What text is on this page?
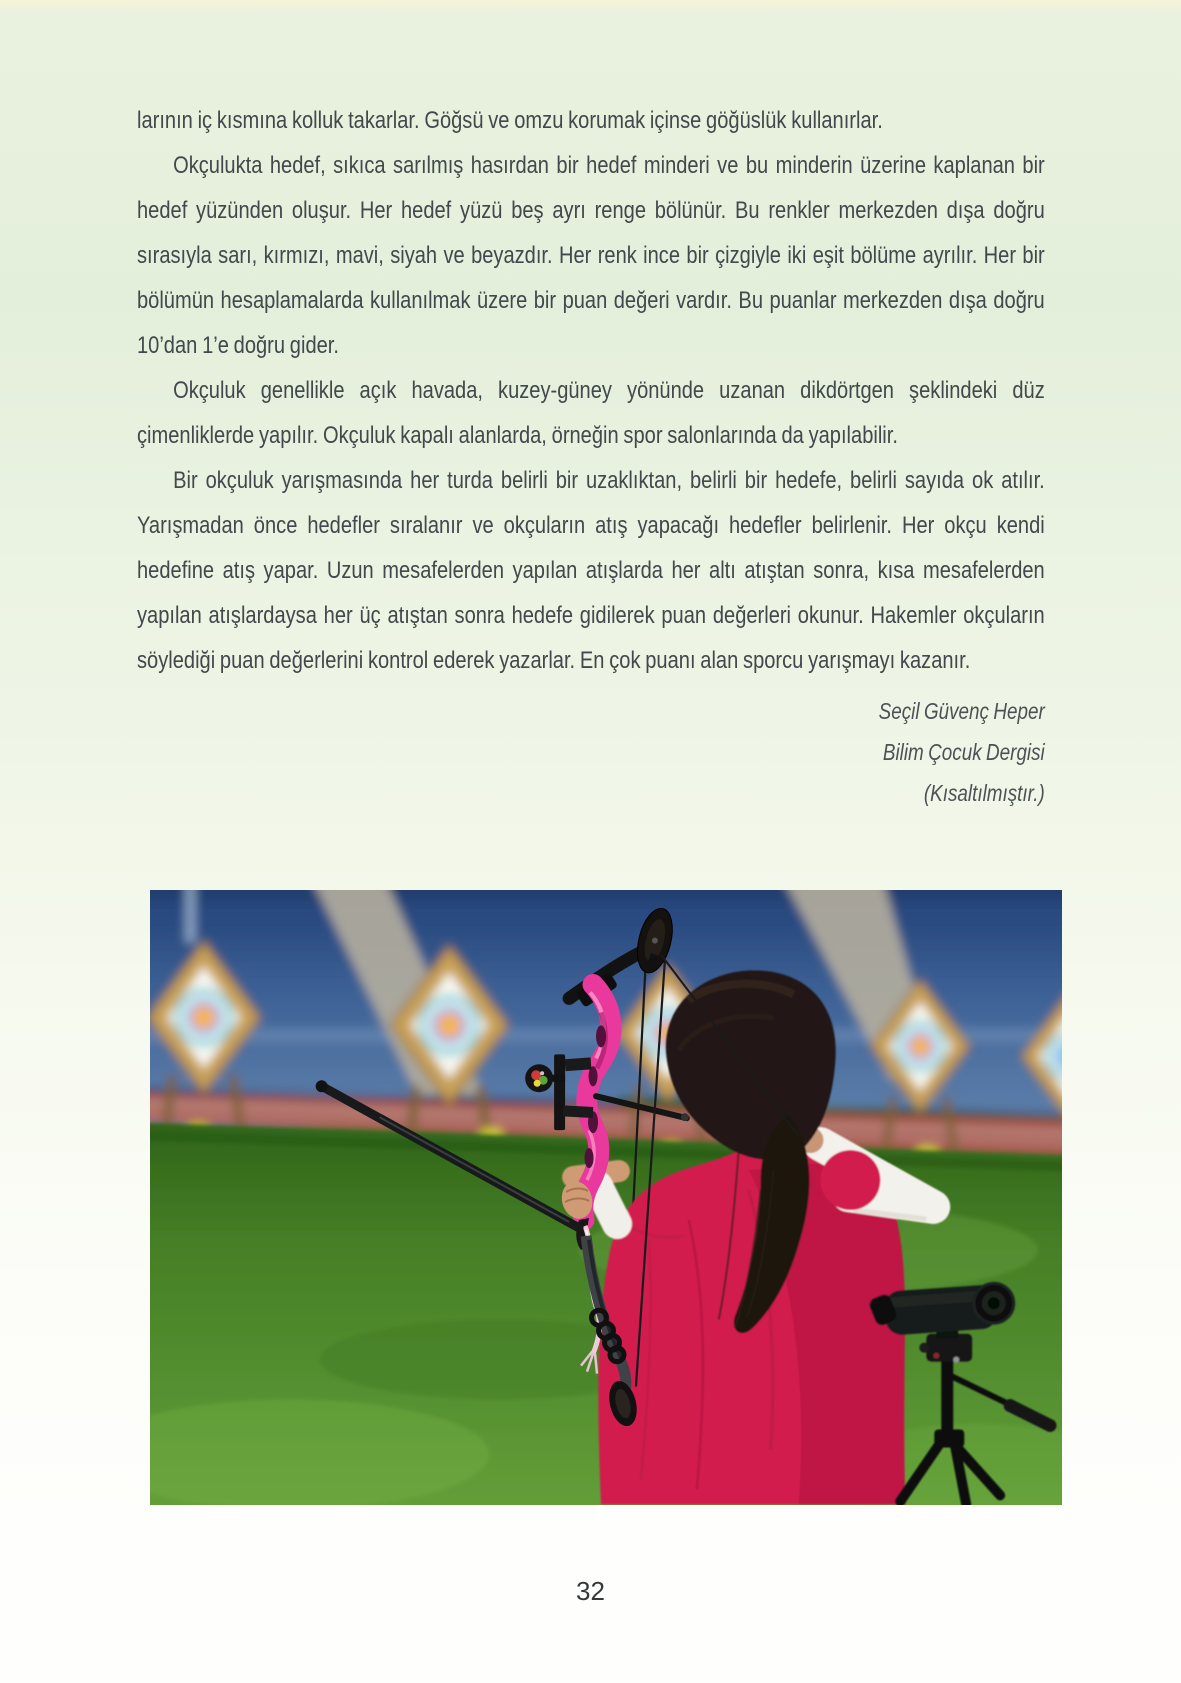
larının iç kısmına kolluk takarlar. Göğsü ve omzu korumak içinse göğüslük kullanırlar.

Okçulukta hedef, sıkıca sarılmış hasırdan bir hedef minderi ve bu minderin üzerine kaplanan bir hedef yüzünden oluşur. Her hedef yüzü beş ayrı renge bölünür. Bu renkler merkezden dışa doğru sırasıyla sarı, kırmızı, mavi, siyah ve beyazdır. Her renk ince bir çizgiyle iki eşit bölüme ayrılır. Her bir bölümün hesaplamalarda kullanılmak üzere bir puan değeri vardır. Bu puanlar merkezden dışa doğru 10’dan 1’e doğru gider.

Okçuluk genellikle açık havada, kuzey-güney yönünde uzanan dikdörtgen şeklindeki düz çimenliklerde yapılır. Okçuluk kapalı alanlarda, örneğin spor salonlarında da yapılabilir.

Bir okçuluk yarışmasında her turda belirli bir uzaklıktan, belirli bir hedefe, belirli sayıda ok atılır. Yarışmadan önce hedefler sıralanır ve okçuların atış yapacağı hedefler belirlenir. Her okçu kendi hedefine atış yapar. Uzun mesafelerden yapılan atışlarda her altı atıştan sonra, kısa mesafelerden yapılan atışlardaysa her üç atıştan sonra hedefe gidilerek puan değerleri okunur. Hakemler okçuların söylediği puan değerlerini kontrol ederek yazarlar. En çok puanı alan sporcu yarışmayı kazanır.

Seçil Güvenç Heper
Bilim Çocuk Dergisi
(Kısaltılmıştır.)
32
